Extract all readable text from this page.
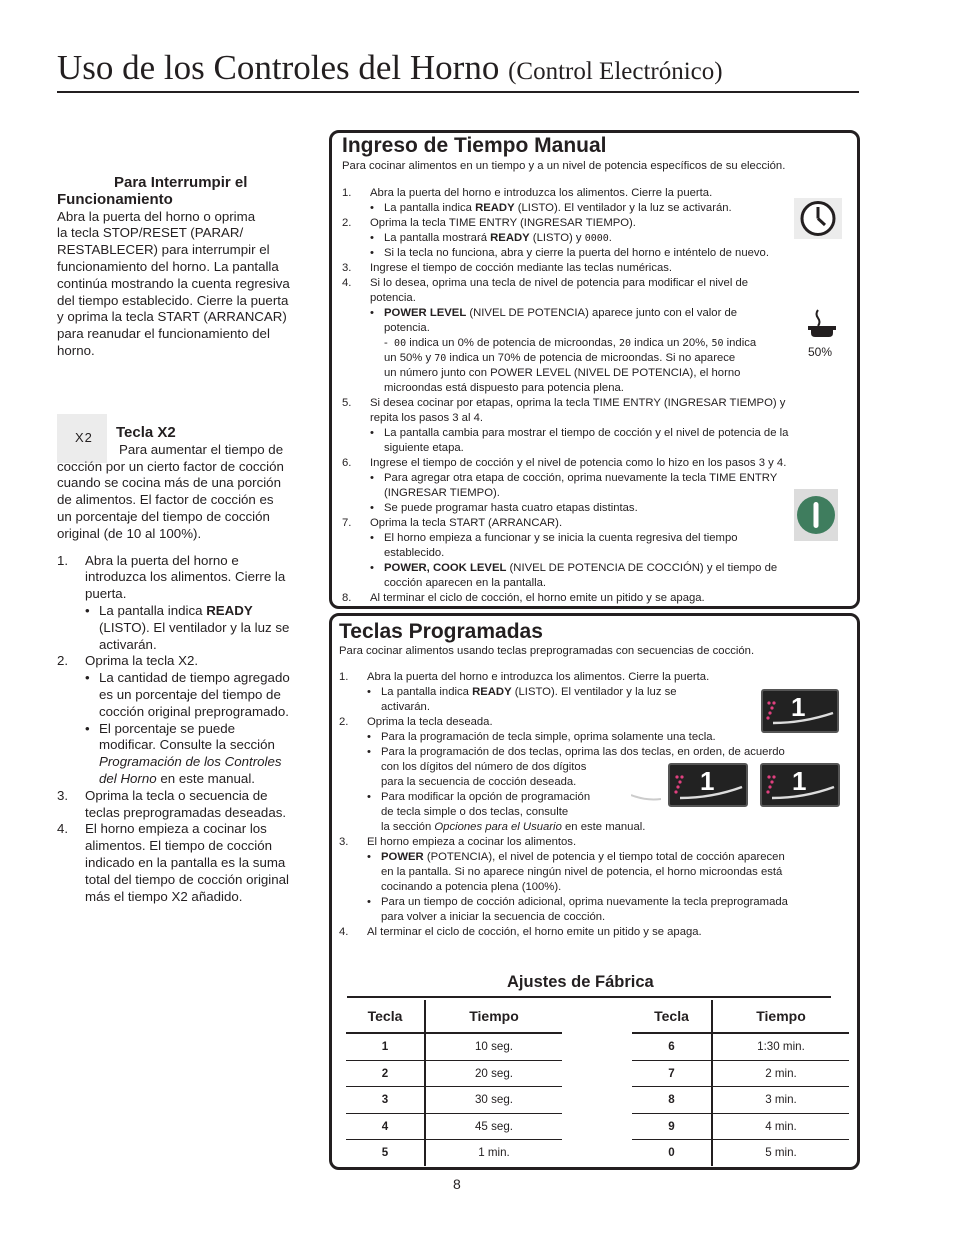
Uso de los Controles del Horno (Control Electrónico)
Para Interrumpir el
Funcionamiento
Abra la puerta del horno o oprima
la tecla STOP/RESET (PARAR/
RESTABLECER) para interrumpir el
funcionamiento del horno. La pantalla
continúa mostrando la cuenta regresiva
del tiempo establecido. Cierre la puerta
y oprima la tecla START (ARRANCAR)
para reanudar el funcionamiento del
horno.
X2	Tecla X2
Para aumentar el tiempo de
cocción por un cierto factor de cocción
cuando se cocina más de una porción
de alimentos. El factor de cocción es
un porcentaje del tiempo de cocción
original (de 10 al 100%).
1. Abra la puerta del horno e
introduzca los alimentos. Cierre la
puerta.
• La pantalla indica READY
(LISTO). El ventilador y la luz se
activarán.
2. Oprima la tecla X2.
• La cantidad de tiempo agregado
es un porcentaje del tiempo de
cocción original preprogramado.
• El porcentaje se puede
modificar. Consulte la sección
Programación de los Controles
del Horno en este manual.
3. Oprima la tecla o secuencia de
teclas preprogramadas deseadas.
4. El horno empieza a cocinar los
alimentos. El tiempo de cocción
indicado en la pantalla es la suma
total del tiempo de cocción original
más el tiempo X2 añadido.
Ingreso de Tiempo Manual
Para cocinar alimentos en un tiempo y a un nivel de potencia específicos de su elección.
1. Abra la puerta del horno e introduzca los alimentos. Cierre la puerta.
• La pantalla indica READY (LISTO). El ventilador y la luz se activarán.
2. Oprima la tecla TIME ENTRY (INGRESAR TIEMPO).
• La pantalla mostrará READY (LISTO) y 0000.
• Si la tecla no funciona, abra y cierre la puerta del horno e inténtelo de nuevo.
3. Ingrese el tiempo de cocción mediante las teclas numéricas.
4. Si lo desea, oprima una tecla de nivel de potencia para modificar el nivel de
potencia.
• POWER LEVEL (NIVEL DE POTENCIA) aparece junto con el valor de
potencia.
-  00 indica un 0% de potencia de microondas, 20 indica un 20%, 50 indica
un 50% y 70 indica un 70% de potencia de microondas. Si no aparece
un número junto con POWER LEVEL (NIVEL DE POTENCIA), el horno
microondas está dispuesto para potencia plena.
5. Si desea cocinar por etapas, oprima la tecla TIME ENTRY (INGRESAR TIEMPO) y
repita los pasos 3 al 4.
• La pantalla cambia para mostrar el tiempo de cocción y el nivel de potencia de la
siguiente etapa.
6. Ingrese el tiempo de cocción y el nivel de potencia como lo hizo en los pasos 3 y 4.
• Para agregar otra etapa de cocción, oprima nuevamente la tecla TIME ENTRY
(INGRESAR TIEMPO).
• Se puede programar hasta cuatro etapas distintas.
7. Oprima la tecla START (ARRANCAR).
• El horno empieza a funcionar y se inicia la cuenta regresiva del tiempo
establecido.
• POWER, COOK LEVEL (NIVEL DE POTENCIA DE COCCIÓN) y el tiempo de
cocción aparecen en la pantalla.
8. Al terminar el ciclo de cocción, el horno emite un pitido y se apaga.
50%
Teclas Programadas
Para cocinar alimentos usando teclas preprogramadas con secuencias de cocción.
1. Abra la puerta del horno e introduzca los alimentos. Cierre la puerta.
• La pantalla indica READY (LISTO). El ventilador y la luz se
activarán.
2. Oprima la tecla deseada.
• Para la programación de tecla simple, oprima solamente una tecla.
• Para la programación de dos teclas, oprima las dos teclas, en orden, de acuerdo
con los dígitos del número de dos dígitos
para la secuencia de cocción deseada.
• Para modificar la opción de programación
de tecla simple o dos teclas, consulte
la sección Opciones para el Usuario en este manual.
3. El horno empieza a cocinar los alimentos.
• POWER (POTENCIA), el nivel de potencia y el tiempo total de cocción aparecen
en la pantalla. Si no aparece ningún nivel de potencia, el horno microondas está
cocinando a potencia plena (100%).
• Para un tiempo de cocción adicional, oprima nuevamente la tecla preprogramada
para volver a iniciar la secuencia de cocción.
4. Al terminar el ciclo de cocción, el horno emite un pitido y se apaga.
1
1	1
Ajustes de Fábrica
Tecla	Tiempo
1	10 seg.
2	20 seg.
3	30 seg.
4	45 seg.
5	1 min.
Tecla	Tiempo
6	1:30 min.
7	2 min.
8	3 min.
9	4 min.
0	5 min.
8
